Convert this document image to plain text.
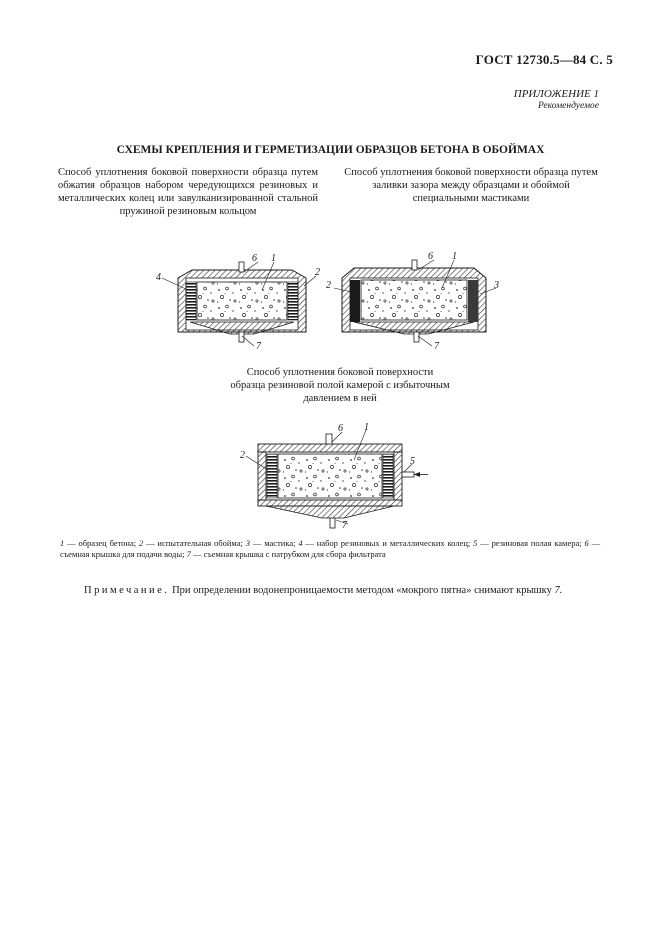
ГОСТ 12730.5—84 С. 5
ПРИЛОЖЕНИЕ 1
Рекомендуемое
СХЕМЫ КРЕПЛЕНИЯ И ГЕРМЕТИЗАЦИИ ОБРАЗЦОВ БЕТОНА В ОБОЙМАХ
Способ уплотнения боковой поверхности образца путем обжатия образцов набором чередующихся резиновых и металлических колец или завулканизированной стальной пружиной резиновым кольцом
Способ уплотнения боковой поверхности образца путем заливки зазора между образцами и обоймой специальными мастиками
4
6 1
2
7
2
6 1
3
7
Способ уплотнения боковой поверхности образца резиновой полой камерой с избыточным давлением в ней
2
6 1
5
7
1 — образец бетона; 2 — испытательная обойма; 3 — мастика; 4 — набор резиновых и металлических колец; 5 — резиновая полая камера; 6 — съемная крышка для подачи воды; 7 — съемная крышка с патрубком для сбора фильтрата
Примечание. При определении водонепроницаемости методом «мокрого пятна» снимают крышку 7.
